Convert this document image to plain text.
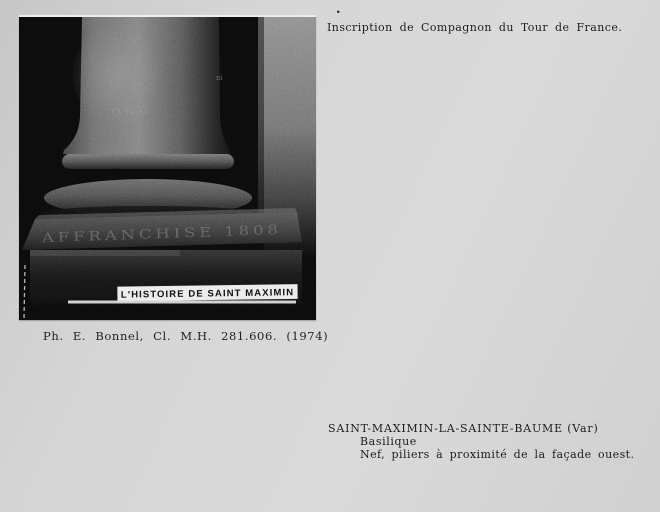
.
Inscription de Compagnon du Tour de France.
OND
ni
AFFRANCHISE 1808
· L'HISTOIRE DE SAINT MAXIMIN ·
Ph. E. Bonnel, Cl. M.H. 281.606. (1974)
SAINT-MAXIMIN-LA-SAINTE-BAUME (Var)
Basilique
Nef, piliers à proximité de la façade ouest.
